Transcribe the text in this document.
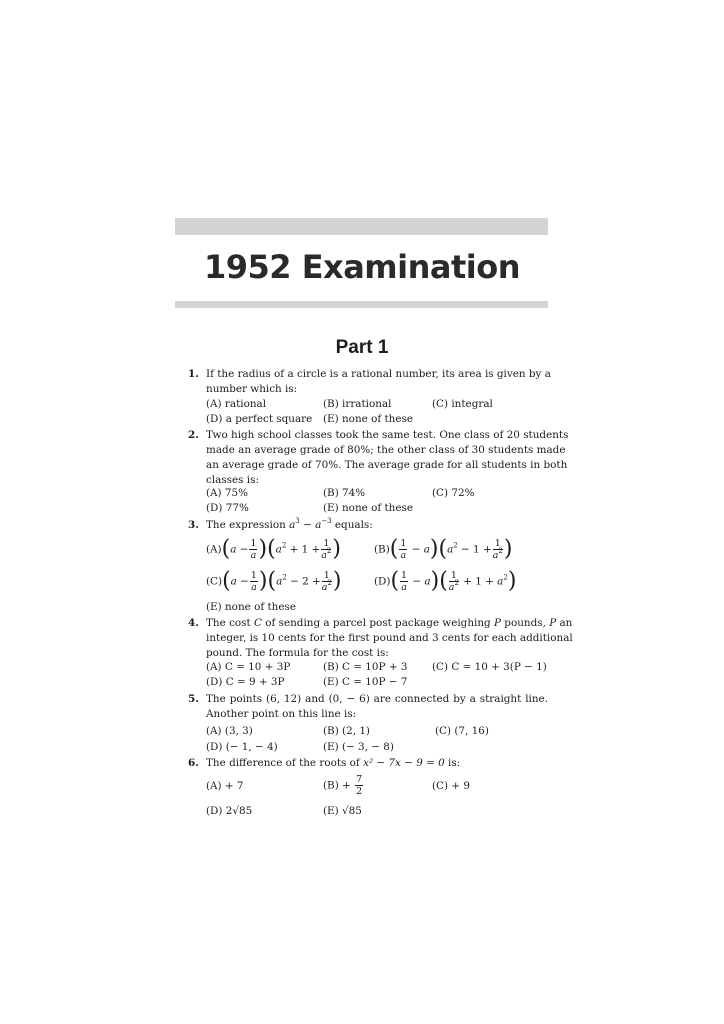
1952 Examination
Part 1
1. If the radius of a circle is a rational number, its area is given by a
number which is:
(A) rational	(B) irrational	(C) integral
(D) a perfect square (E) none of these
2. Two high school classes took the same test. One class of 20 students
made an average grade of 80%; the other class of 30 students made
an average grade of 70%. The average grade for all students in both
classes is:
(A) 75%	(B) 74%	(C) 72%
(D) 77%	(E) none of these
3. The expression $a^3 - a^{-3}$ equals:
$(A)(a - \frac{1}{a} )(a^2 + 1 + \frac{1}{a^2}$ )	$(B)( \frac{1}{a} - a)(a^2 - 1 + \frac{1}{a^2}$ )
$(C)(a - \frac{1}{a} )(a^2 - 2 + \frac{1}{a^2}$ )	$(D)( \frac{1}{a} - a)( \frac{1}{a^2} + 1 + a^2)$
(E) none of these
4. The cost C of sending a parcel post package weighing P pounds, P an
integer, is 10 cents for the first pound and 3 cents for each additional
pound. The formula for the cost is:
(A) C = 10 + 3P	(B) C = 10P + 3 (C) C = 10 + 3(P − 1)
(D) C = 9 + 3P	(E) C = 10P − 7
5. The points (6, 12) and (0, − 6) are connected by a straight line.
Another point on this line is:
(A) (3, 3)	(B) (2, 1)	(C) (7, 16)
(D) (− 1, − 4)	(E) (− 3, − 8)
6. The difference of the roots of x² − 7x − 9 = 0 is:
(A) + 7	$(B) + \frac{7}{2}$	(C) + 9
(D) 2√85	(E) √85
